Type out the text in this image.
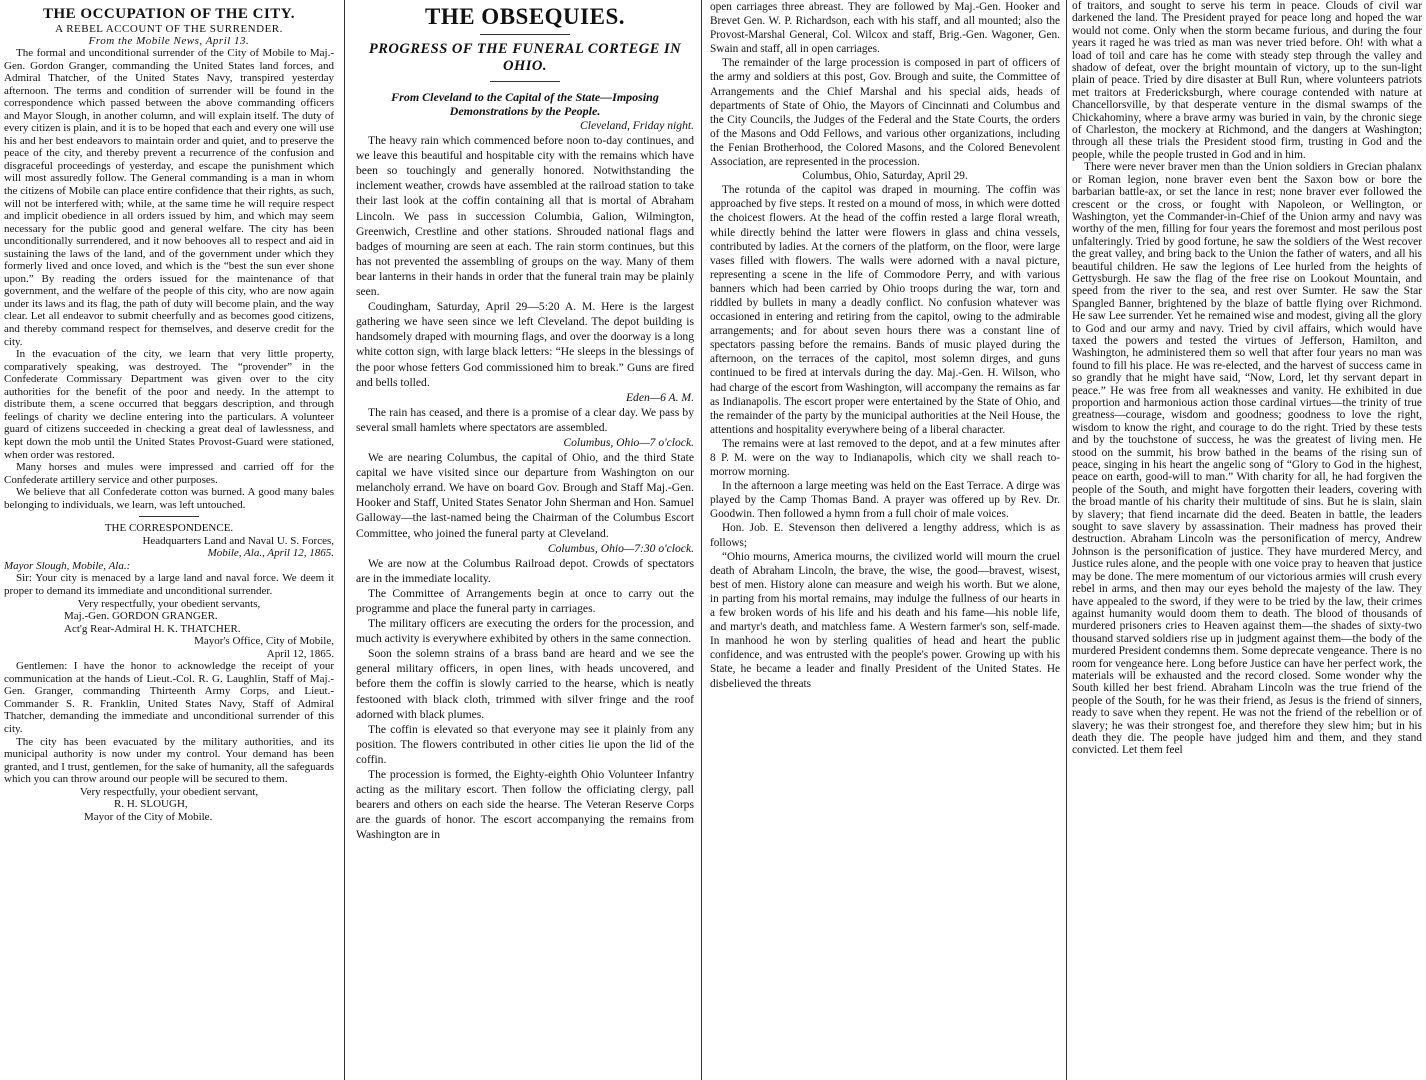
THE OCCUPATION OF THE CITY.
A REBEL ACCOUNT OF THE SURRENDER.
From the Mobile News, April 13.

The formal and unconditional surrender of the City of Mobile to Maj.-Gen. Gordon Granger, commanding the United States land forces, and Admiral Thatcher, of the United States Navy, transpired yesterday afternoon. The terms and condition of surrender will be found in the correspondence which passed between the above commanding officers and Mayor Slough, in another column, and will explain itself. The duty of every citizen is plain, and it is to be hoped that each and every one will use his and her best endeavors to maintain order and quiet, and to preserve the peace of the city, and thereby prevent a recurrence of the confusion and disgraceful proceedings of yesterday, and escape the punishment which will most assuredly follow. The General commanding is a man in whom the citizens of Mobile can place entire confidence that their rights, as such, will not be interfered with; while, at the same time he will require respect and implicit obedience in all orders issued by him, and which may seem necessary for the public good and general welfare. The city has been unconditionally surrendered, and it now behooves all to respect and aid in sustaining the laws of the land, and of the government under which they formerly lived and once loved, and which is the “best the sun ever shone upon.” By reading the orders issued for the maintenance of that government, and the welfare of the people of this city, who are now again under its laws and its flag, the path of duty will become plain, and the way clear. Let all endeavor to submit cheerfully and as becomes good citizens, and thereby command respect for themselves, and deserve credit for the city.

In the evacuation of the city, we learn that very little property, comparatively speaking, was destroyed. The “provender” in the Confederate Commissary Department was given over to the city authorities for the benefit of the poor and needy. In the attempt to distribute them, a scene occurred that beggars description, and through feelings of charity we decline entering into the particulars. A volunteer guard of citizens succeeded in checking a great deal of lawlessness, and kept down the mob until the United States Provost-Guard were stationed, when order was restored.

Many horses and mules were impressed and carried off for the Confederate artillery service and other purposes.

We believe that all Confederate cotton was burned. A good many bales belonging to individuals, we learn, was left untouched.

THE CORRESPONDENCE.

Headquarters Land and Naval U. S. Forces,

Mobile, Ala., April 12, 1865.

Mayor Slough, Mobile, Ala.:

Sir: Your city is menaced by a large land and naval force. We deem it proper to demand its immediate and unconditional surrender.

Very respectfully, your obedient servants,

Maj.-Gen. GORDON GRANGER.

Act'g Rear-Admiral H. K. THATCHER.

Mayor's Office, City of Mobile,

April 12, 1865.

Gentlemen: I have the honor to acknowledge the receipt of your communication at the hands of Lieut.-Col. R. G. Laughlin, Staff of Maj.-Gen. Granger, commanding Thirteenth Army Corps, and Lieut.-Commander S. R. Franklin, United States Navy, Staff of Admiral Thatcher, demanding the immediate and unconditional surrender of this city.

The city has been evacuated by the military authorities, and its municipal authority is now under my control. Your demand has been granted, and I trust, gentlemen, for the sake of humanity, all the safeguards which you can throw around our people will be secured to them.

Very respectfully, your obedient servant,

R. H. SLOUGH,

Mayor of the City of Mobile.

THE OBSEQUIES.
PROGRESS OF THE FUNERAL CORTEGE IN OHIO.
From Cleveland to the Capital of the State—Imposing Demonstrations by the People.

Cleveland, Friday night.

The heavy rain which commenced before noon to-day continues, and we leave this beautiful and hospitable city with the remains which have been so touchingly and generally honored. Notwithstanding the inclement weather, crowds have assembled at the railroad station to take their last look at the coffin containing all that is mortal of Abraham Lincoln. We pass in succession Columbia, Galion, Wilmington, Greenwich, Crestline and other stations. Shrouded national flags and badges of mourning are seen at each. The rain storm continues, but this has not prevented the assembling of groups on the way. Many of them bear lanterns in their hands in order that the funeral train may be plainly seen.

Coudingham, Saturday, April 29—5:20 A. M. Here is the largest gathering we have seen since we left Cleveland. The depot building is handsomely draped with mourning flags, and over the doorway is a long white cotton sign, with large black letters: “He sleeps in the blessings of the poor whose fetters God commissioned him to break.” Guns are fired and bells tolled.

Eden—6 A. M.

The rain has ceased, and there is a promise of a clear day. We pass by several small hamlets where spectators are assembled.

Columbus, Ohio—7 o'clock.

We are nearing Columbus, the capital of Ohio, and the third State capital we have visited since our departure from Washington on our melancholy errand. We have on board Gov. Brough and Staff Maj.-Gen. Hooker and Staff, United States Senator John Sherman and Hon. Samuel Galloway—the last-named being the Chairman of the Columbus Escort Committee, who joined the funeral party at Cleveland.

Columbus, Ohio—7:30 o'clock.

We are now at the Columbus Railroad depot. Crowds of spectators are in the immediate locality.

The Committee of Arrangements begin at once to carry out the programme and place the funeral party in carriages.

The military officers are executing the orders for the procession, and much activity is everywhere exhibited by others in the same connection.

Soon the solemn strains of a brass band are heard and we see the general military officers, in open lines, with heads uncovered, and before them the coffin is slowly carried to the hearse, which is neatly festooned with black cloth, trimmed with silver fringe and the roof adorned with black plumes.

The coffin is elevated so that everyone may see it plainly from any position. The flowers contributed in other cities lie upon the lid of the coffin.

The procession is formed, the Eighty-eighth Ohio Volunteer Infantry acting as the military escort. Then follow the officiating clergy, pall bearers and others on each side the hearse. The Veteran Reserve Corps are the guards of honor. The escort accompanying the remains from Washington are in

open carriages three abreast. They are followed by Maj.-Gen. Hooker and Brevet Gen. W. P. Richardson, each with his staff, and all mounted; also the Provost-Marshal General, Col. Wilcox and staff, Brig.-Gen. Wagoner, Gen. Swain and staff, all in open carriages.

The remainder of the large procession is composed in part of officers of the army and soldiers at this post, Gov. Brough and suite, the Committee of Arrangements and the Chief Marshal and his special aids, heads of departments of State of Ohio, the Mayors of Cincinnati and Columbus and the City Councils, the Judges of the Federal and the State Courts, the orders of the Masons and Odd Fellows, and various other organizations, including the Fenian Brotherhood, the Colored Masons, and the Colored Benevolent Association, are represented in the procession.

Columbus, Ohio, Saturday, April 29.

The rotunda of the capitol was draped in mourning. The coffin was approached by five steps. It rested on a mound of moss, in which were dotted the choicest flowers. At the head of the coffin rested a large floral wreath, while directly behind the latter were flowers in glass and china vessels, contributed by ladies. At the corners of the platform, on the floor, were large vases filled with flowers. The walls were adorned with a naval picture, representing a scene in the life of Commodore Perry, and with various banners which had been carried by Ohio troops during the war, torn and riddled by bullets in many a deadly conflict. No confusion whatever was occasioned in entering and retiring from the capitol, owing to the admirable arrangements; and for about seven hours there was a constant line of spectators passing before the remains. Bands of music played during the afternoon, on the terraces of the capitol, most solemn dirges, and guns continued to be fired at intervals during the day. Maj.-Gen. H. Wilson, who had charge of the escort from Washington, will accompany the remains as far as Indianapolis. The escort proper were entertained by the State of Ohio, and the remainder of the party by the municipal authorities at the Neil House, the attentions and hospitality everywhere being of a liberal character.

The remains were at last removed to the depot, and at a few minutes after 8 P. M. were on the way to Indianapolis, which city we shall reach to-morrow morning.

In the afternoon a large meeting was held on the East Terrace. A dirge was played by the Camp Thomas Band. A prayer was offered up by Rev. Dr. Goodwin. Then followed a hymn from a full choir of male voices.

Hon. Job. E. Stevenson then delivered a lengthy address, which is as follows;

“Ohio mourns, America mourns, the civilized world will mourn the cruel death of Abraham Lincoln, the brave, the wise, the good—bravest, wisest, best of men. History alone can measure and weigh his worth. But we alone, in parting from his mortal remains, may indulge the fullness of our hearts in a few broken words of his life and his death and his fame—his noble life, and martyr's death, and matchless fame. A Western farmer's son, self-made. In manhood he won by sterling qualities of head and heart the public confidence, and was entrusted with the people's power. Growing up with his State, he became a leader and finally President of the United States. He disbelieved the threats

of traitors, and sought to serve his term in peace. Clouds of civil war darkened the land. The President prayed for peace long and hoped the war would not come. Only when the storm became furious, and during the four years it raged he was tried as man was never tried before. Oh! with what a load of toil and care has he come with steady step through the valley and shadow of defeat, over the bright mountain of victory, up to the sun-light plain of peace. Tried by dire disaster at Bull Run, where volunteers patriots met traitors at Fredericksburgh, where courage contended with nature at Chancellorsville, by that desperate venture in the dismal swamps of the Chickahominy, where a brave army was buried in vain, by the chronic siege of Charleston, the mockery at Richmond, and the dangers at Washington; through all these trials the President stood firm, trusting in God and the people, while the people trusted in God and in him.

There were never braver men than the Union soldiers in Grecian phalanx or Roman legion, none braver even bent the Saxon bow or bore the barbarian battle-ax, or set the lance in rest; none braver ever followed the crescent or the cross, or fought with Napoleon, or Wellington, or Washington, yet the Commander-in-Chief of the Union army and navy was worthy of the men, filling for four years the foremost and most perilous post unfalteringly. Tried by good fortune, he saw the soldiers of the West recover the great valley, and bring back to the Union the father of waters, and all his beautiful children. He saw the legions of Lee hurled from the heights of Gettysburgh. He saw the flag of the free rise on Lookout Mountain, and speed from the river to the sea, and rest over Sumter. He saw the Star Spangled Banner, brightened by the blaze of battle flying over Richmond. He saw Lee surrender. Yet he remained wise and modest, giving all the glory to God and our army and navy. Tried by civil affairs, which would have taxed the powers and tested the virtues of Jefferson, Hamilton, and Washington, he administered them so well that after four years no man was found to fill his place. He was re-elected, and the harvest of success came in so grandly that he might have said, “Now, Lord, let thy servant depart in peace.” He was free from all weaknesses and vanity. He exhibited in due proportion and harmonious action those cardinal virtues—the trinity of true greatness—courage, wisdom and goodness; goodness to love the right, wisdom to know the right, and courage to do the right. Tried by these tests and by the touchstone of success, he was the greatest of living men. He stood on the summit, his brow bathed in the beams of the rising sun of peace, singing in his heart the angelic song of “Glory to God in the highest, peace on earth, good-will to man.” With charity for all, he had forgiven the people of the South, and might have forgotten their leaders, covering with the broad mantle of his charity their multitude of sins. But he is slain, slain by slavery; that fiend incarnate did the deed. Beaten in battle, the leaders sought to save slavery by assassination. Their madness has proved their destruction. Abraham Lincoln was the personification of mercy, Andrew Johnson is the personification of justice. They have murdered Mercy, and Justice rules alone, and the people with one voice pray to heaven that justice may be done. The mere momentum of our victorious armies will crush every rebel in arms, and then may our eyes behold the majesty of the law. They have appealed to the sword, if they were to be tried by the law, their crimes against humanity would doom them to death. The blood of thousands of murdered prisoners cries to Heaven against them—the shades of sixty-two thousand starved soldiers rise up in judgment against them—the body of the murdered President condemns them. Some deprecate vengeance. There is no room for vengeance here. Long before Justice can have her perfect work, the materials will be exhausted and the record closed. Some wonder why the South killed her best friend. Abraham Lincoln was the true friend of the people of the South, for he was their friend, as Jesus is the friend of sinners, ready to save when they repent. He was not the friend of the rebellion or of slavery; he was their strongest foe, and therefore they slew him; but in his death they die. The people have judged him and them, and they stand convicted. Let them feel
